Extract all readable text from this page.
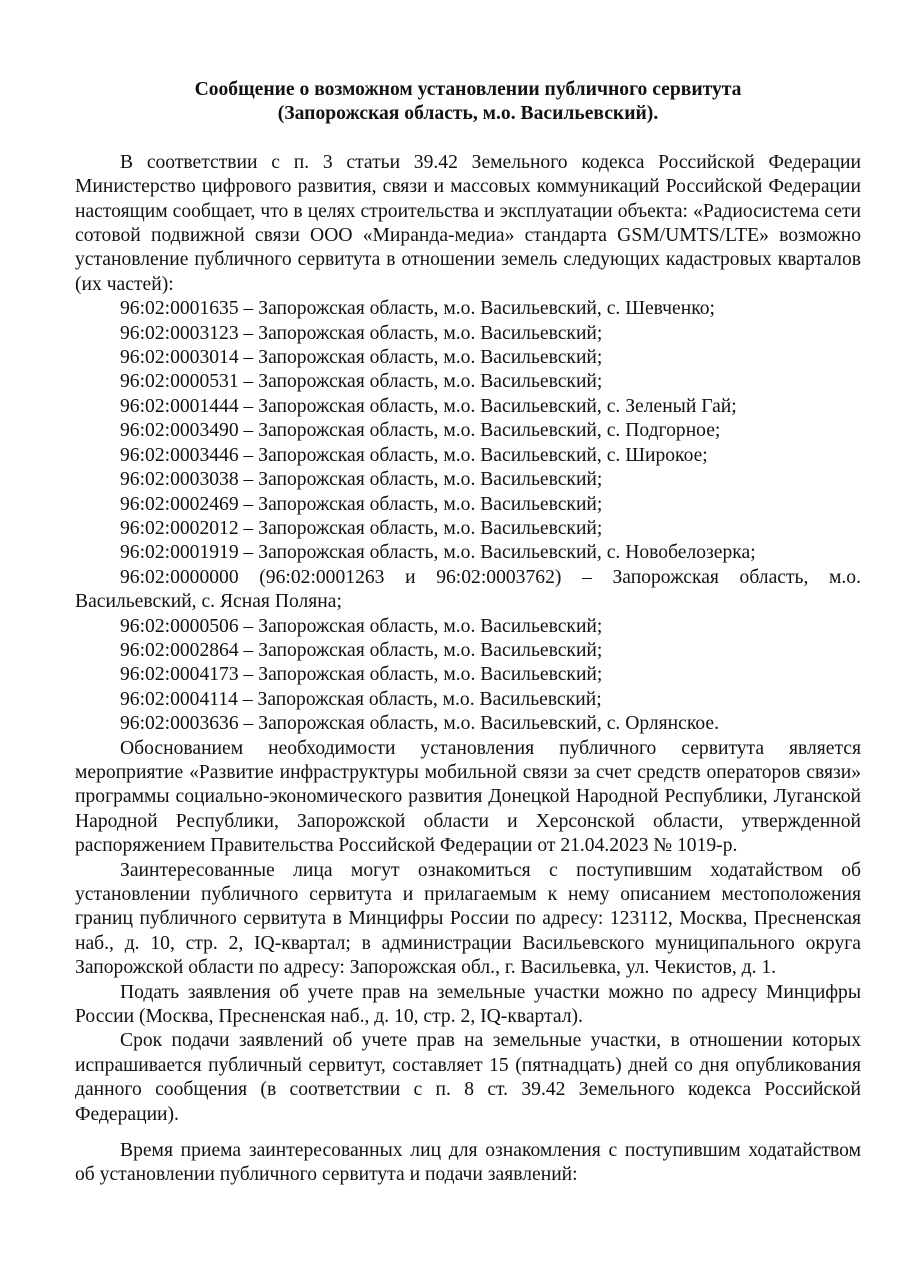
Сообщение о возможном установлении публичного сервитута

(Запорожская область, м.о. Васильевский).

В соответствии с п. 3 статьи 39.42 Земельного кодекса Российской Федерации Министерство цифрового развития, связи и массовых коммуникаций Российской Федерации настоящим сообщает, что в целях строительства и эксплуатации объекта: «Радиосистема сети сотовой подвижной связи ООО «Миранда-медиа» стандарта GSM/UMTS/LTE» возможно установление публичного сервитута в отношении земель следующих кадастровых кварталов (их частей):

96:02:0001635 – Запорожская область, м.о. Васильевский, с. Шевченко;

96:02:0003123 – Запорожская область, м.о. Васильевский;

96:02:0003014 – Запорожская область, м.о. Васильевский;

96:02:0000531 – Запорожская область, м.о. Васильевский;

96:02:0001444 – Запорожская область, м.о. Васильевский, с. Зеленый Гай;

96:02:0003490 – Запорожская область, м.о. Васильевский, с. Подгорное;

96:02:0003446 – Запорожская область, м.о. Васильевский, с. Широкое;

96:02:0003038 – Запорожская область, м.о. Васильевский;

96:02:0002469 – Запорожская область, м.о. Васильевский;

96:02:0002012 – Запорожская область, м.о. Васильевский;

96:02:0001919 – Запорожская область, м.о. Васильевский, с. Новобелозерка;

96:02:0000000 (96:02:0001263 и 96:02:0003762) – Запорожская область, м.о. Васильевский, с. Ясная Поляна;

96:02:0000506 – Запорожская область, м.о. Васильевский;

96:02:0002864 – Запорожская область, м.о. Васильевский;

96:02:0004173 – Запорожская область, м.о. Васильевский;

96:02:0004114 – Запорожская область, м.о. Васильевский;

96:02:0003636 – Запорожская область, м.о. Васильевский, с. Орлянское.

Обоснованием необходимости установления публичного сервитута является мероприятие «Развитие инфраструктуры мобильной связи за счет средств операторов связи» программы социально-экономического развития Донецкой Народной Республики, Луганской Народной Республики, Запорожской области и Херсонской области, утвержденной распоряжением Правительства Российской Федерации от 21.04.2023 № 1019-р.

Заинтересованные лица могут ознакомиться с поступившим ходатайством об установлении публичного сервитута и прилагаемым к нему описанием местоположения границ публичного сервитута в Минцифры России по адресу: 123112, Москва, Пресненская наб., д. 10, стр. 2, IQ-квартал; в администрации Васильевского муниципального округа Запорожской области по адресу: Запорожская обл., г. Васильевка, ул. Чекистов, д. 1.

Подать заявления об учете прав на земельные участки можно по адресу Минцифры России (Москва, Пресненская наб., д. 10, стр. 2, IQ-квартал).

Срок подачи заявлений об учете прав на земельные участки, в отношении которых испрашивается публичный сервитут, составляет 15 (пятнадцать) дней со дня опубликования данного сообщения (в соответствии с п. 8 ст. 39.42 Земельного кодекса Российской Федерации).

Время приема заинтересованных лиц для ознакомления с поступившим ходатайством об установлении публичного сервитута и подачи заявлений:
